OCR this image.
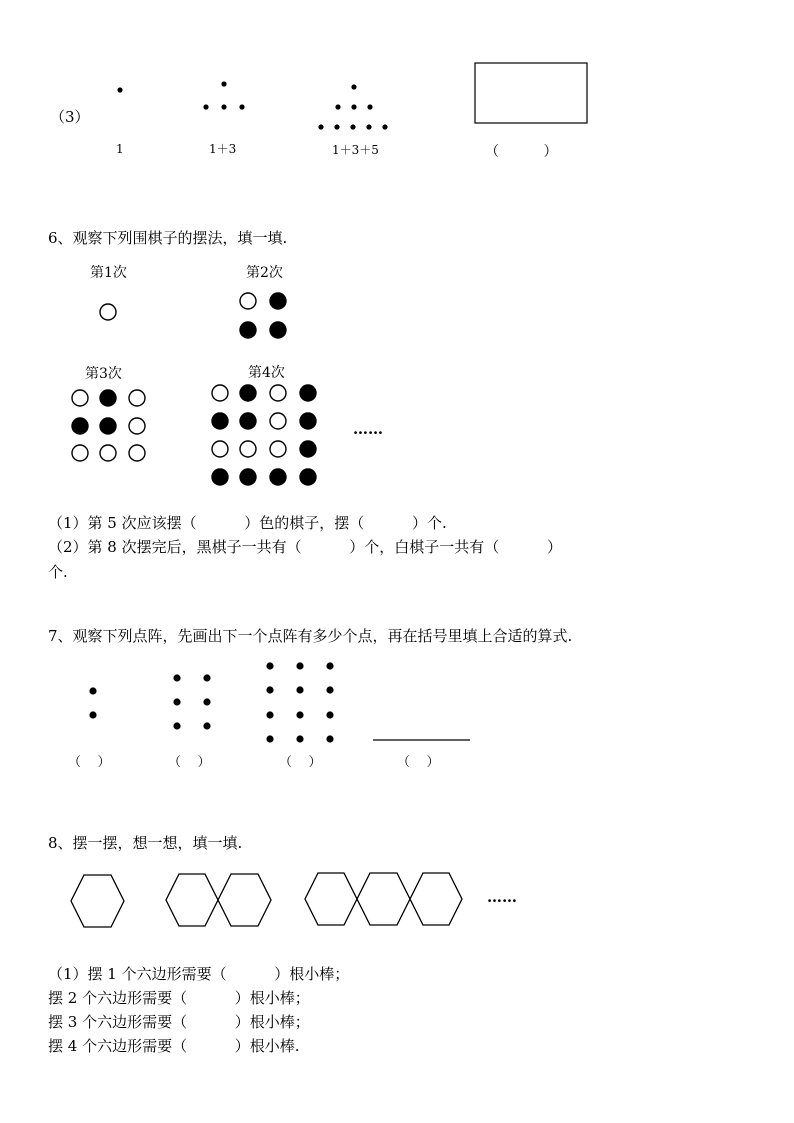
（3）
1	1＋3	1＋3＋5	（          ）
6、观察下列围棋子的摆法，填一填.
第1次	第2次
第3次	第4次
……
（1）第 5 次应该摆（          ）色的棋子，摆（          ）个.
（2）第 8 次摆完后，黑棋子一共有（          ）个，白棋子一共有（          ）
个.
7、观察下列点阵，先画出下一个点阵有多少个点，再在括号里填上合适的算式.
（    ）	（    ）	（    ）	（    ）
8、摆一摆，想一想，填一填.
……
（1）摆 1 个六边形需要（          ）根小棒；
摆 2 个六边形需要（          ）根小棒；
摆 3 个六边形需要（          ）根小棒；
摆 4 个六边形需要（          ）根小棒.
